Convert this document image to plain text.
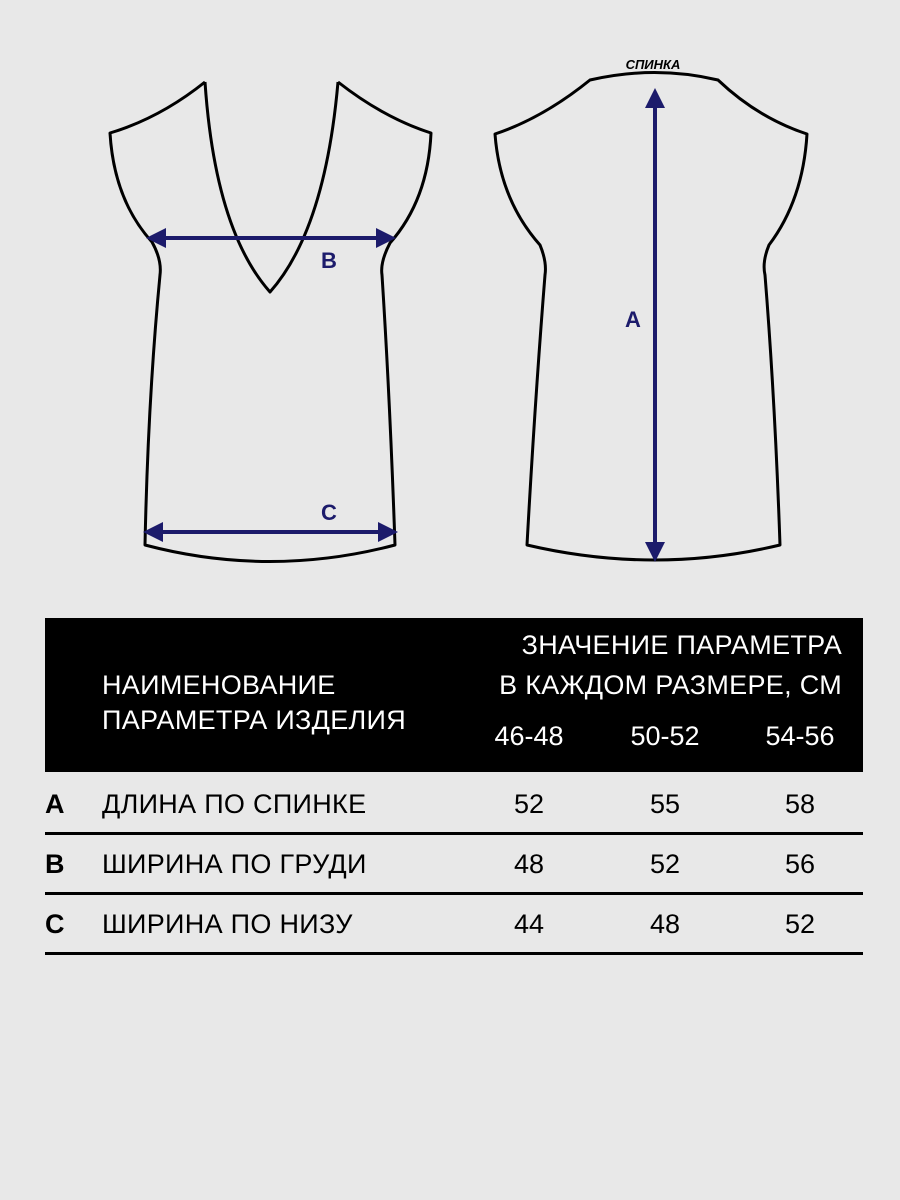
СПИНКА
A
B
C
НАИМЕНОВАНИЕ
ПАРАМЕТРА ИЗДЕЛИЯ
ЗНАЧЕНИЕ ПАРАМЕТРА
В КАЖДОМ РАЗМЕРЕ, СМ
46-48	50-52	54-56
A ДЛИНА ПО СПИНКЕ	52	55	58
B ШИРИНА ПО ГРУДИ	48	52	56
C ШИРИНА ПО НИЗУ	44	48	52
